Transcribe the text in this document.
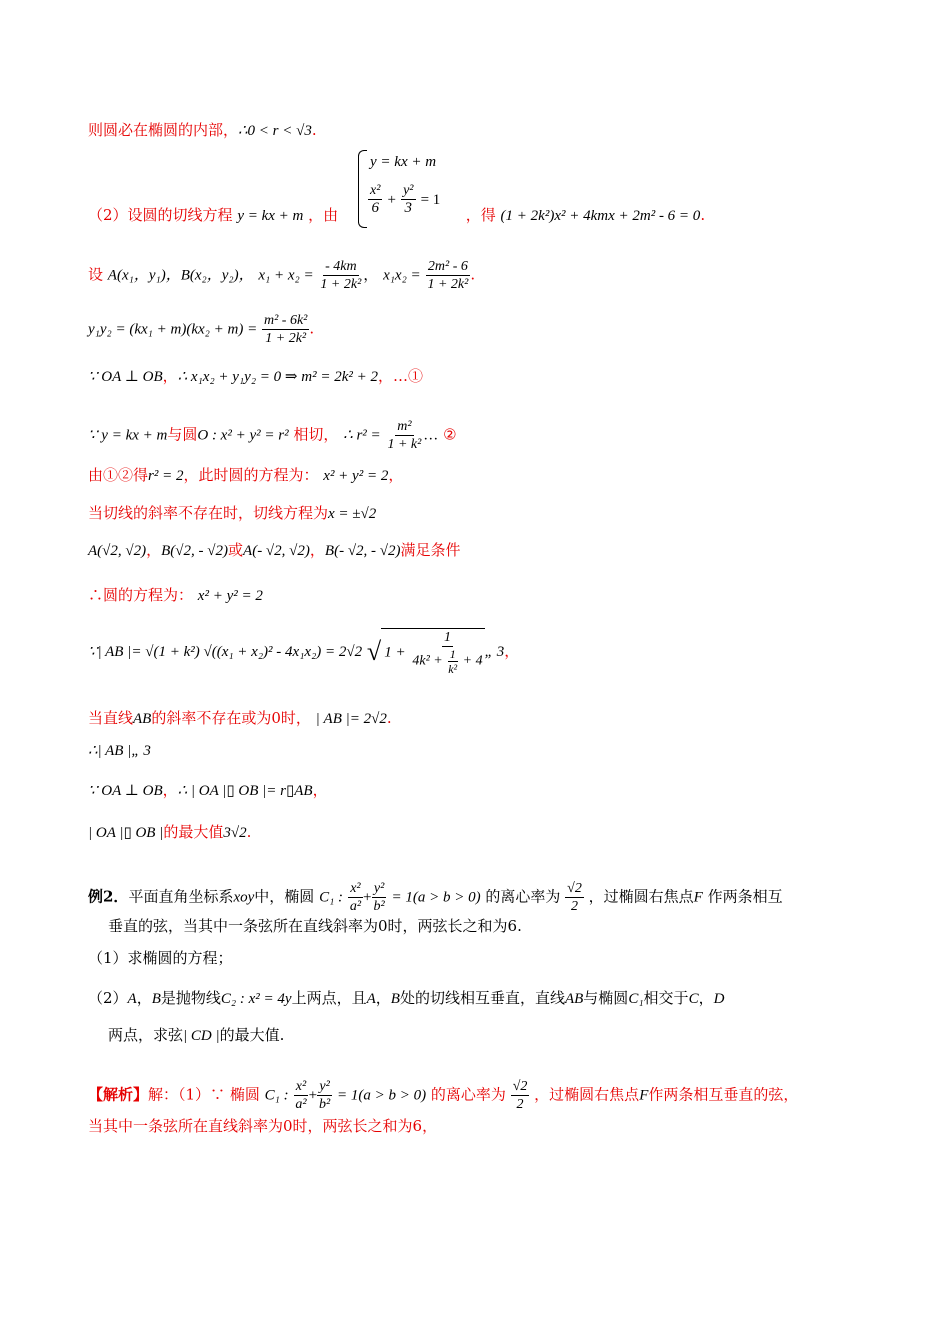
则圆必在椭圆的内部，∴0 < r < √3.
y = kx + m
$\frac{\text{x²}}{6} + \frac{\text{y²}}{3} = 1$
（2）设圆的切线方程 y = kx + m ，由	，得 (1 + 2k²)x² + 4kmx + 2m² - 6 = 0.
设 A(x₁，y₁)，B(x₂，y₂)， $x_1 + x_2 = \frac{- 4km}{\text{1 + 2k²}}$ ， $x_1x_2 = \frac{\text{2m² - 6}}{\text{1 + 2k²}}$ .
$y_1y_2 = (kx_1 + m)(kx_2 + m) = \frac{\text{m² - 6k²}}{\text{1 + 2k²}}$ .
∵ OA ⊥ OB，∴ x₁x₂ + y₁y₂ = 0 ⇒ m² = 2k² + 2，…①
∵ y = kx + m与圆O : x² + y² = r² 相切， ∴ $r^2 = \frac{\text{m²}}{\text{1 + k²}}$ … ②
由①②得r² = 2，此时圆的方程为： x² + y² = 2，
当切线的斜率不存在时，切线方程为x = ±√2
A(√2, √2)，B(√2, - √2)或A(- √2, √2)，B(- √2, - √2)满足条件
∴圆的方程为： x² + y² = 2
∵| AB |= √(1 + k²) √((x₁ + x₂)² - 4x₁x₂) = 2√2 √ $1 + \frac{1}{4k^2 + \frac{1}{\text{k²}} + 4}$ „ 3，
当直线AB的斜率不存在或为0时， | AB |= 2√2.
∴| AB |„ 3
∵ OA ⊥ OB，∴ | OA |▯ OB |= r▯AB，
| OA |▯ OB |的最大值3√2.
例2．平面直角坐标系xoy中，椭圆 C₁ : $\frac{\text{x²}}{\text{a²}} + \frac{\text{y²}}{\text{b²}} = 1(a > b > 0)$ 的离心率为 $\frac{√2}{2}$ ，过椭圆右焦点F 作两条相互
垂直的弦，当其中一条弦所在直线斜率为0时，两弦长之和为6.
（1）求椭圆的方程；
（2）A，B是抛物线C₂ : x² = 4y上两点，且A，B处的切线相互垂直，直线AB与椭圆C₁相交于C，D
两点，求弦| CD |的最大值.
【解析】解：（1）∵ 椭圆 C₁ : $\frac{\text{x²}}{\text{a²}} + \frac{\text{y²}}{\text{b²}} = 1(a > b > 0)$ 的离心率为 $\frac{√2}{2}$ ，过椭圆右焦点F作两条相互垂直的弦，
当其中一条弦所在直线斜率为0时，两弦长之和为6，
